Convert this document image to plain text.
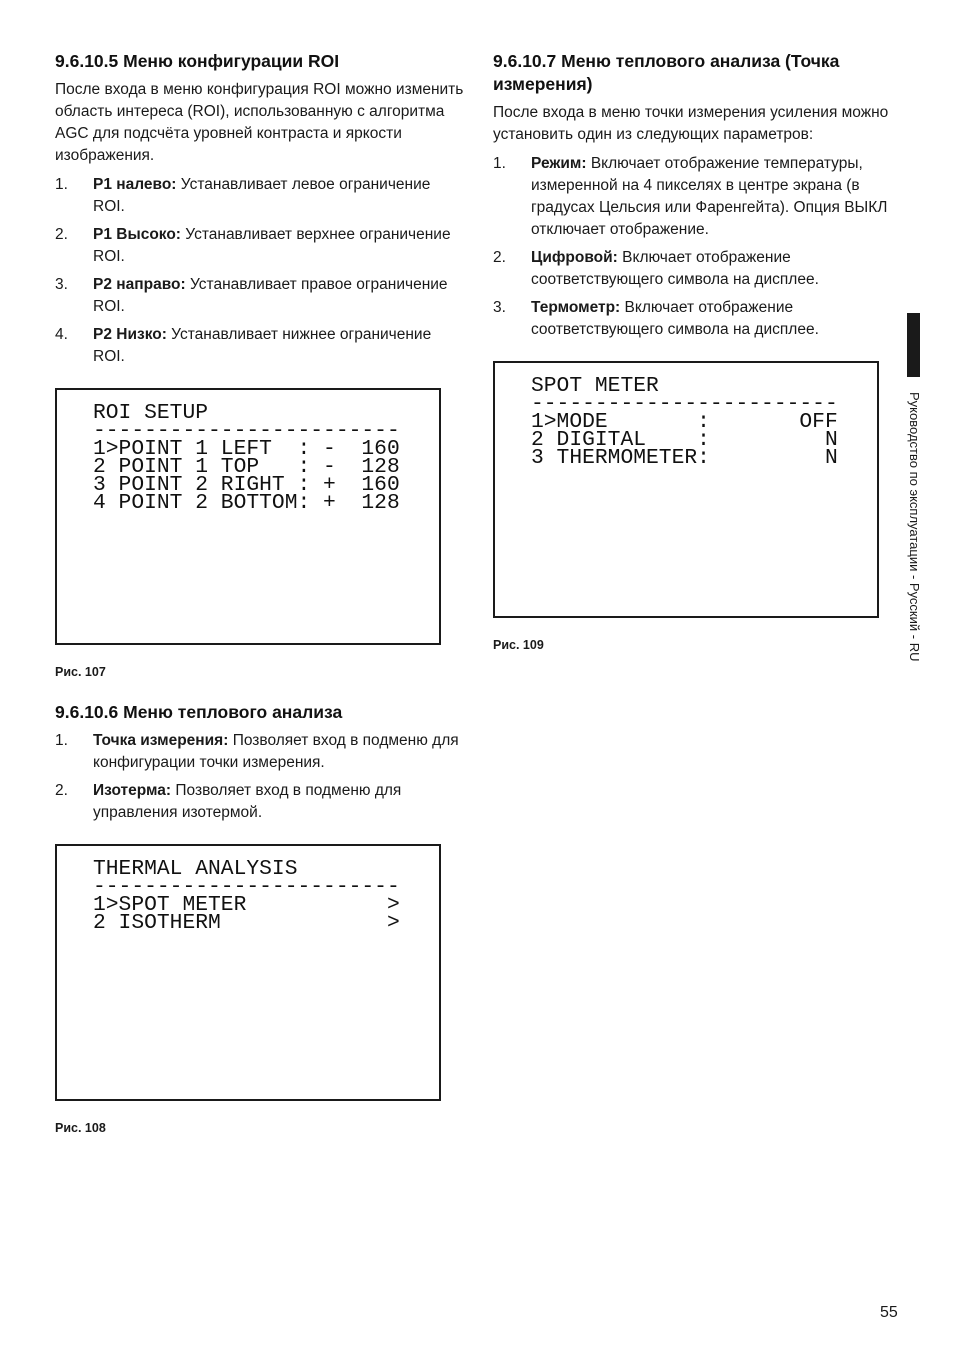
9.6.10.5 Меню конфигурации ROI

После входа в меню конфигурация ROI можно изменить область интереса (ROI), использованную с алгоритма AGC для подсчёта уровней контраста и яркости изображения.

1. P1 налево: Устанавливает левое ограничение ROI.
2. P1 Высоко: Устанавливает верхнее ограничение ROI.
3. P2 направо: Устанавливает правое ограничение ROI.
4. P2 Низко: Устанавливает нижнее ограничение ROI.
ROI SETUP
------------------------
1>POINT 1 LEFT  : -  160
2 POINT 1 TOP   : -  128
3 POINT 2 RIGHT : +  160
4 POINT 2 BOTTOM: +  128
Рис. 107
9.6.10.6 Меню теплового анализа
1. Точка измерения: Позволяет вход в подменю для конфигурации точки измерения.
2. Изотерма: Позволяет вход в подменю для управления изотермой.
THERMAL ANALYSIS
------------------------
1>SPOT METER           >
2 ISOTHERM             >
Рис. 108
9.6.10.7 Меню теплового анализа (Точка измерения)

После входа в меню точки измерения усиления можно установить один из следующих параметров:

1. Режим: Включает отображение температуры, измеренной на 4 пикселях в центре экрана (в градусах Цельсия или Фаренгейта). Опция ВЫКЛ отключает отображение.
2. Цифровой: Включает отображение соответствующего символа на дисплее.
3. Термометр: Включает отображение соответствующего символа на дисплее.
SPOT METER
------------------------
1>MODE       :       OFF
2 DIGITAL    :         N
3 THERMOMETER:         N
Рис. 109	Руководство по эксплуатации - Русский - RU
55
